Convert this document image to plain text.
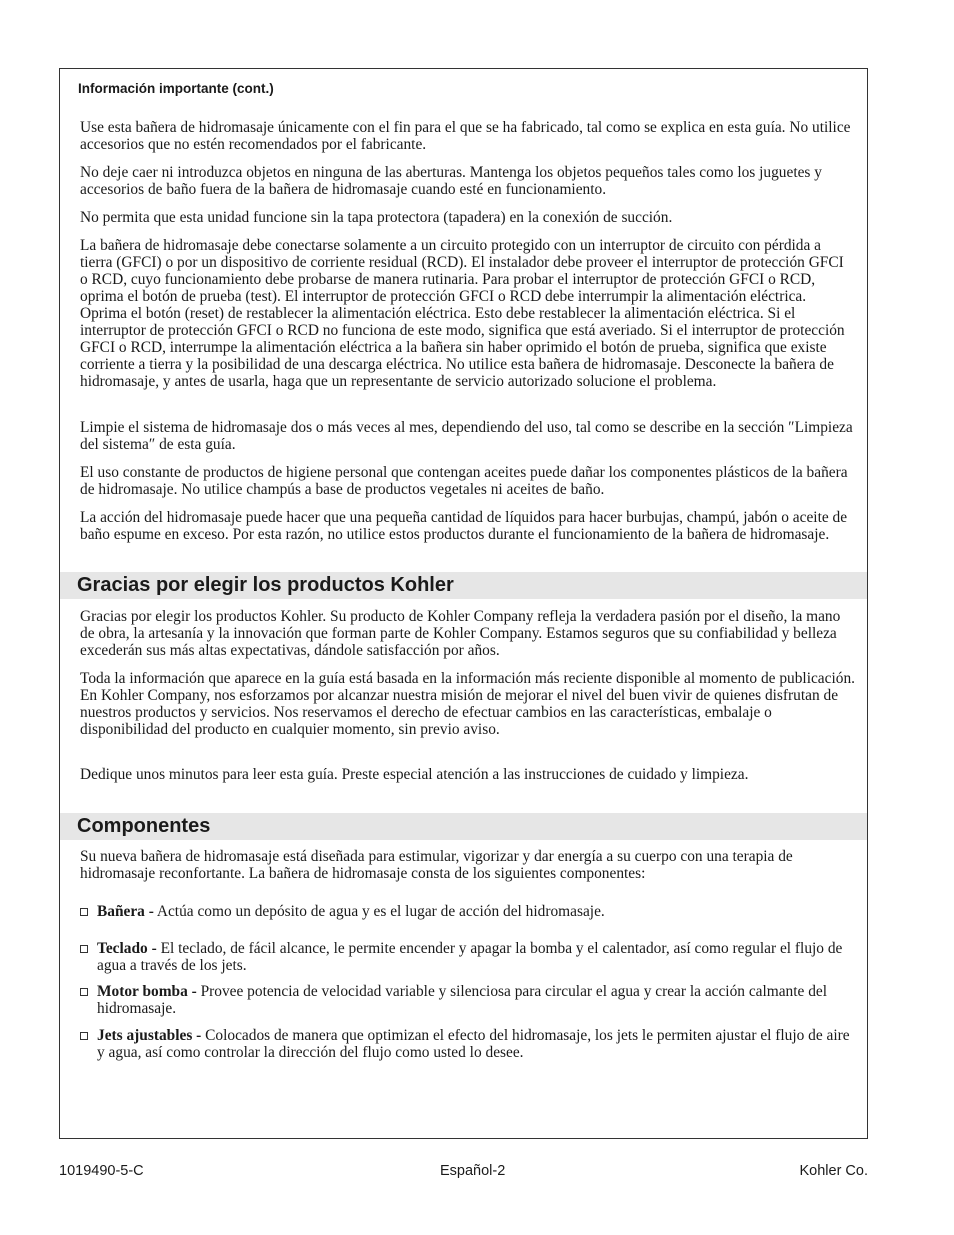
Información importante (cont.)

Use esta bañera de hidromasaje únicamente con el fin para el que se ha fabricado, tal como se explica en esta guía. No utilice accesorios que no estén recomendados por el fabricante.

No deje caer ni introduzca objetos en ninguna de las aberturas. Mantenga los objetos pequeños tales como los juguetes y accesorios de baño fuera de la bañera de hidromasaje cuando esté en funcionamiento.

No permita que esta unidad funcione sin la tapa protectora (tapadera) en la conexión de succión.

La bañera de hidromasaje debe conectarse solamente a un circuito protegido con un interruptor de circuito con pérdida a tierra (GFCI) o por un dispositivo de corriente residual (RCD). El instalador debe proveer el interruptor de protección GFCI o RCD, cuyo funcionamiento debe probarse de manera rutinaria. Para probar el interruptor de protección GFCI o RCD, oprima el botón de prueba (test). El interruptor de protección GFCI o RCD debe interrumpir la alimentación eléctrica. Oprima el botón (reset) de restablecer la alimentación eléctrica. Esto debe restablecer la alimentación eléctrica. Si el interruptor de protección GFCI o RCD no funciona de este modo, significa que está averiado. Si el interruptor de protección GFCI o RCD, interrumpe la alimentación eléctrica a la bañera sin haber oprimido el botón de prueba, significa que existe corriente a tierra y la posibilidad de una descarga eléctrica. No utilice esta bañera de hidromasaje. Desconecte la bañera de hidromasaje, y antes de usarla, haga que un representante de servicio autorizado solucione el problema.

Limpie el sistema de hidromasaje dos o más veces al mes, dependiendo del uso, tal como se describe en la sección ″Limpieza del sistema″ de esta guía.

El uso constante de productos de higiene personal que contengan aceites puede dañar los componentes plásticos de la bañera de hidromasaje. No utilice champús a base de productos vegetales ni aceites de baño.

La acción del hidromasaje puede hacer que una pequeña cantidad de líquidos para hacer burbujas, champú, jabón o aceite de baño espume en exceso. Por esta razón, no utilice estos productos durante el funcionamiento de la bañera de hidromasaje.

Gracias por elegir los productos Kohler

Gracias por elegir los productos Kohler. Su producto de Kohler Company refleja la verdadera pasión por el diseño, la mano de obra, la artesanía y la innovación que forman parte de Kohler Company. Estamos seguros que su confiabilidad y belleza excederán sus más altas expectativas, dándole satisfacción por años.

Toda la información que aparece en la guía está basada en la información más reciente disponible al momento de publicación. En Kohler Company, nos esforzamos por alcanzar nuestra misión de mejorar el nivel del buen vivir de quienes disfrutan de nuestros productos y servicios. Nos reservamos el derecho de efectuar cambios en las características, embalaje o disponibilidad del producto en cualquier momento, sin previo aviso.

Dedique unos minutos para leer esta guía. Preste especial atención a las instrucciones de cuidado y limpieza.

Componentes

Su nueva bañera de hidromasaje está diseñada para estimular, vigorizar y dar energía a su cuerpo con una terapia de hidromasaje reconfortante. La bañera de hidromasaje consta de los siguientes componentes:

Bañera - Actúa como un depósito de agua y es el lugar de acción del hidromasaje.
Teclado - El teclado, de fácil alcance, le permite encender y apagar la bomba y el calentador, así como regular el flujo de agua a través de los jets.
Motor bomba - Provee potencia de velocidad variable y silenciosa para circular el agua y crear la acción calmante del hidromasaje.
Jets ajustables - Colocados de manera que optimizan el efecto del hidromasaje, los jets le permiten ajustar el flujo de aire y agua, así como controlar la dirección del flujo como usted lo desee.
1019490-5-C	Español-2	Kohler Co.
